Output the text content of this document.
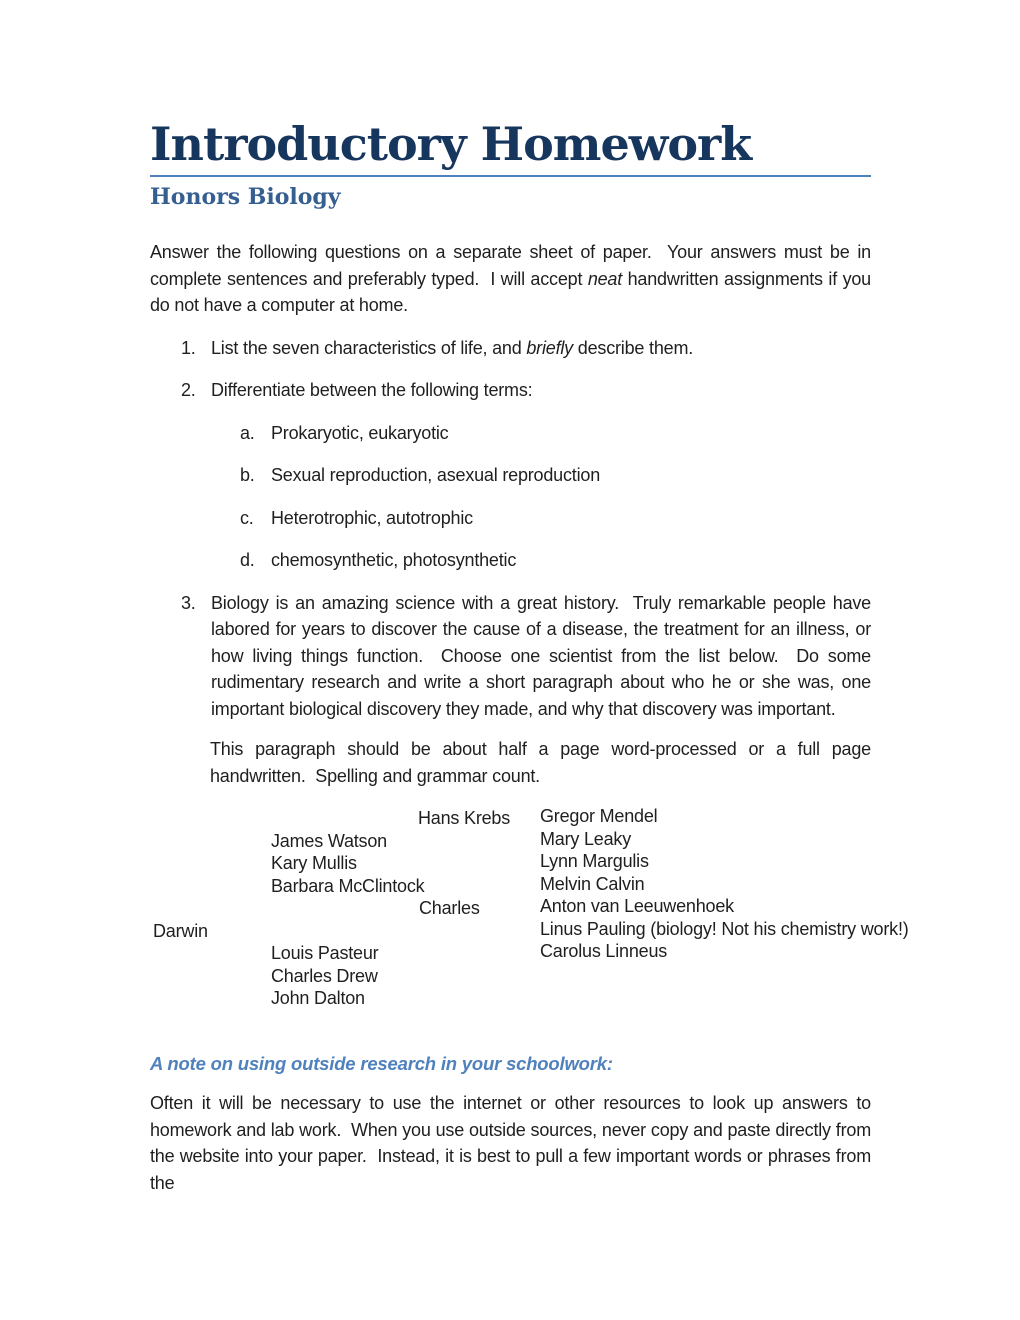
Introductory Homework
Honors Biology

Answer the following questions on a separate sheet of paper.  Your answers must be in complete sentences and preferably typed.  I will accept neat handwritten assignments if you do not have a computer at home.

1. List the seven characteristics of life, and briefly describe them.
2. Differentiate between the following terms:
a. Prokaryotic, eukaryotic
b. Sexual reproduction, asexual reproduction
c. Heterotrophic, autotrophic
d. chemosynthetic, photosynthetic
3. Biology is an amazing science with a great history.  Truly remarkable people have labored for years to discover the cause of a disease, the treatment for an illness, or how living things function.  Choose one scientist from the list below.  Do some rudimentary research and write a short paragraph about who he or she was, one important biological discovery they made, and why that discovery was important.

This paragraph should be about half a page word-processed or a full page handwritten.  Spelling and grammar count.

Hans Krebs
James Watson
Kary Mullis
Barbara McClintock
Charles
Darwin
Louis Pasteur
Charles Drew
John Dalton
Gregor Mendel
Mary Leaky
Lynn Margulis
Melvin Calvin
Anton van Leeuwenhoek
Linus Pauling (biology! Not his chemistry work!)
Carolus Linneus
A note on using outside research in your schoolwork:

Often it will be necessary to use the internet or other resources to look up answers to homework and lab work.  When you use outside sources, never copy and paste directly from the website into your paper.  Instead, it is best to pull a few important words or phrases from the
